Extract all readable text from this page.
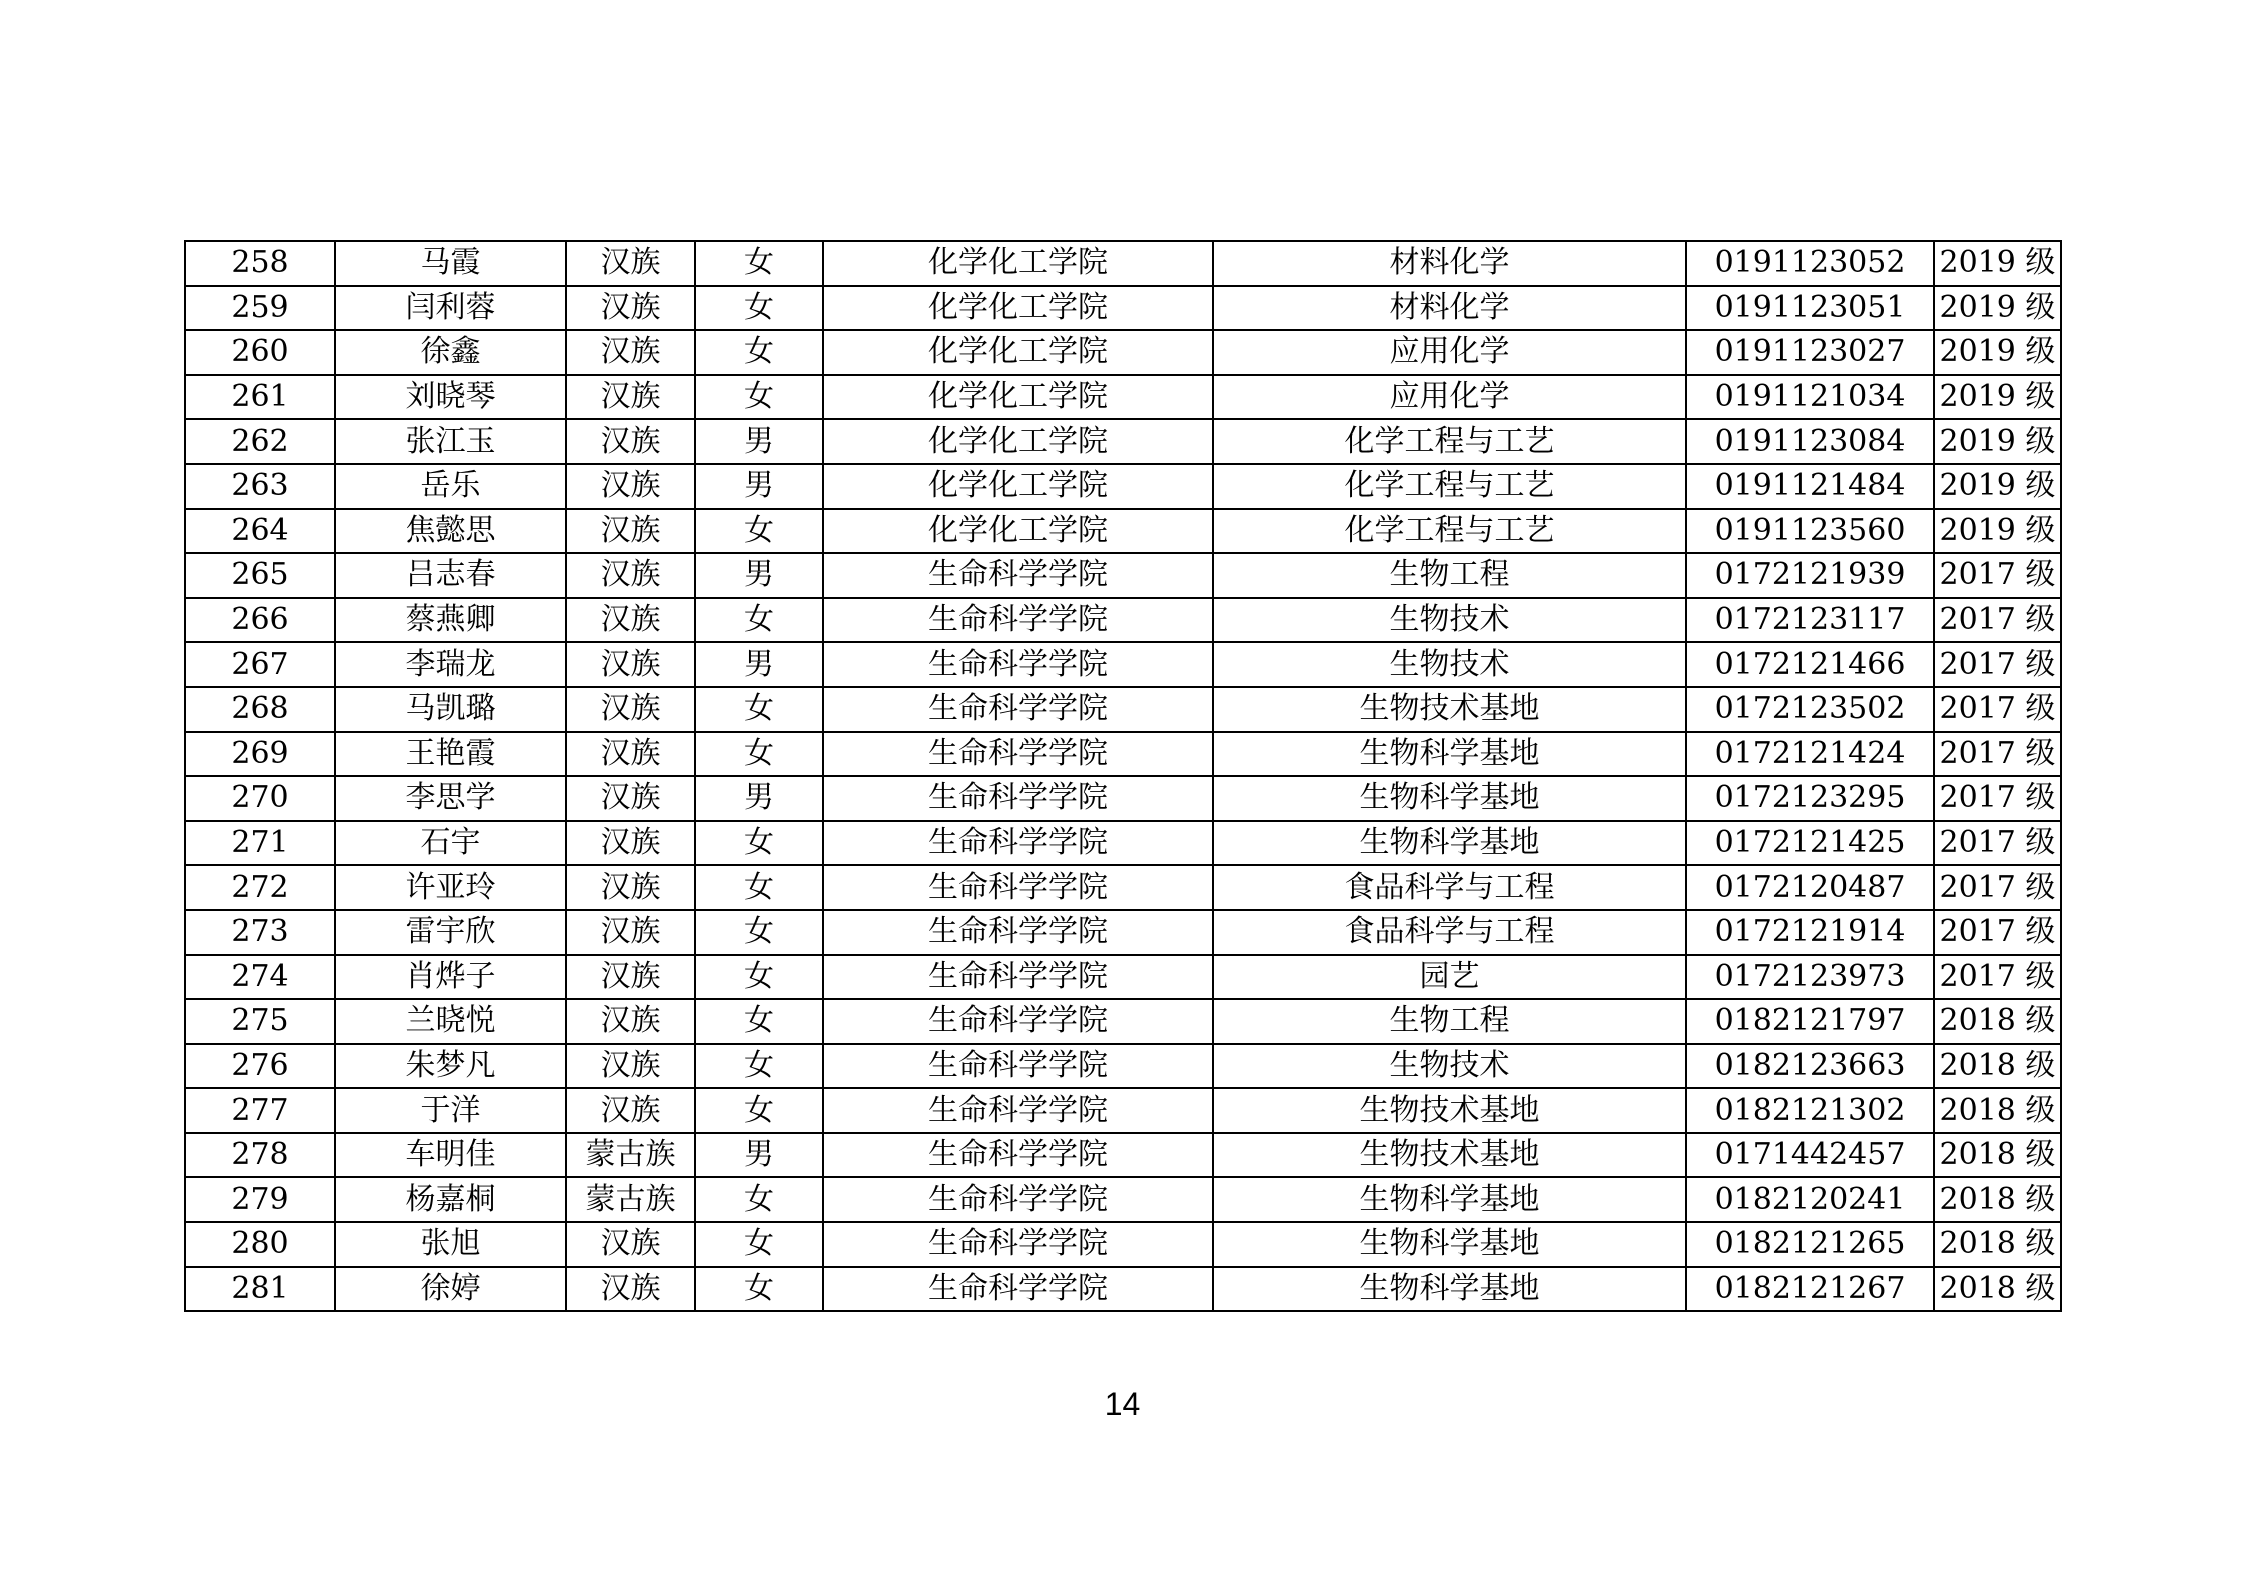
258	马霞	汉族	女	化学化工学院	材料化学	0191123052	2019 级
259	闫利蓉	汉族	女	化学化工学院	材料化学	0191123051	2019 级
260	徐鑫	汉族	女	化学化工学院	应用化学	0191123027	2019 级
261	刘晓琴	汉族	女	化学化工学院	应用化学	0191121034	2019 级
262	张江玉	汉族	男	化学化工学院	化学工程与工艺	0191123084	2019 级
263	岳乐	汉族	男	化学化工学院	化学工程与工艺	0191121484	2019 级
264	焦懿思	汉族	女	化学化工学院	化学工程与工艺	0191123560	2019 级
265	吕志春	汉族	男	生命科学学院	生物工程	0172121939	2017 级
266	蔡燕卿	汉族	女	生命科学学院	生物技术	0172123117	2017 级
267	李瑞龙	汉族	男	生命科学学院	生物技术	0172121466	2017 级
268	马凯璐	汉族	女	生命科学学院	生物技术基地	0172123502	2017 级
269	王艳霞	汉族	女	生命科学学院	生物科学基地	0172121424	2017 级
270	李思学	汉族	男	生命科学学院	生物科学基地	0172123295	2017 级
271	石宇	汉族	女	生命科学学院	生物科学基地	0172121425	2017 级
272	许亚玲	汉族	女	生命科学学院	食品科学与工程	0172120487	2017 级
273	雷宇欣	汉族	女	生命科学学院	食品科学与工程	0172121914	2017 级
274	肖烨子	汉族	女	生命科学学院	园艺	0172123973	2017 级
275	兰晓悦	汉族	女	生命科学学院	生物工程	0182121797	2018 级
276	朱梦凡	汉族	女	生命科学学院	生物技术	0182123663	2018 级
277	于洋	汉族	女	生命科学学院	生物技术基地	0182121302	2018 级
278	车明佳	蒙古族	男	生命科学学院	生物技术基地	0171442457	2018 级
279	杨嘉桐	蒙古族	女	生命科学学院	生物科学基地	0182120241	2018 级
280	张旭	汉族	女	生命科学学院	生物科学基地	0182121265	2018 级
281	徐婷	汉族	女	生命科学学院	生物科学基地	0182121267	2018 级
14
